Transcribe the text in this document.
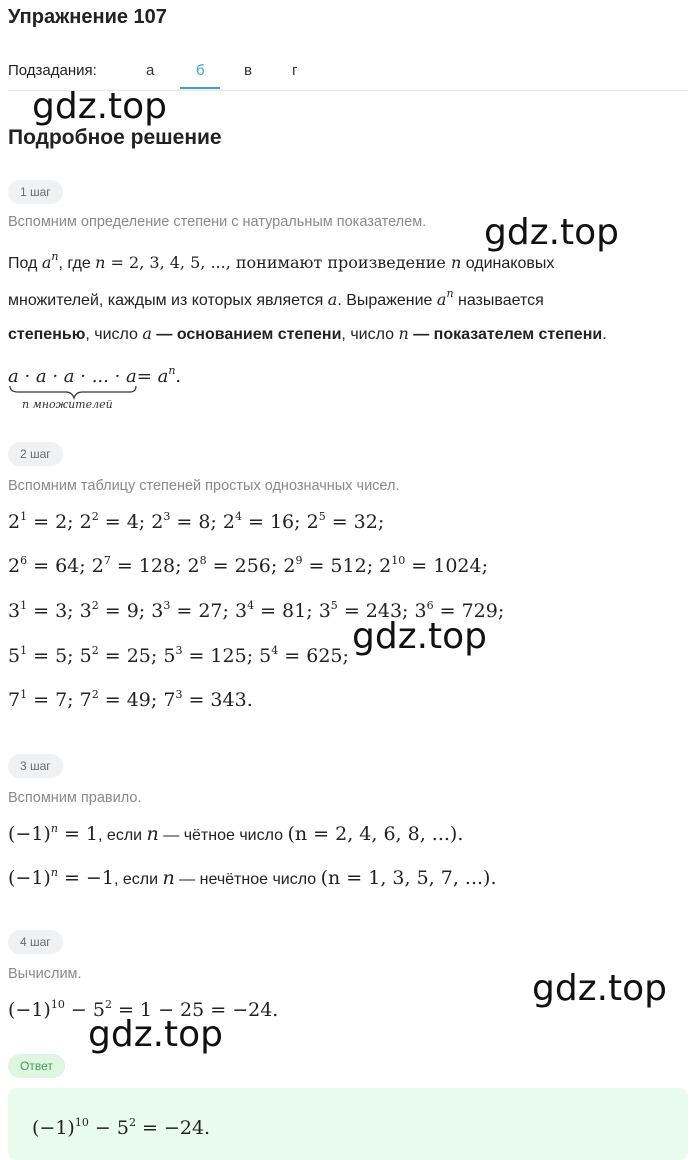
Упражнение 107
Подзадания:	а	б	в	г
Подробное решение
1 шаг
Вспомним определение степени с натуральным показателем.
Под $a^n$, где n = 2, 3, 4, 5, ..., понимают произведение n одинаковых
множителей, каждым из которых является a. Выражение $a^n$ называется
степенью, число a — основанием степени, число n — показателем степени.
a · a · a · ... · $a= a^n$.
n множителей
2 шаг
Вспомним таблицу степеней простых однозначных чисел.
$2^1 = 2$; $2^2 = 4$; $2^3 = 8$; $2^4 = 16$; $2^5 = 32$;
$2^6 = 64$; $2^7 = 128$; $2^8 = 256$; $2^9 = 512$; $2^{10} = 1024$;
$3^1 = 3$; $3^2 = 9$; $3^3 = 27$; $3^4 = 81$; $3^5 = 243$; $3^6 = 729$;
$5^1 = 5$; $5^2 = 25$; $5^3 = 125$; $5^4 = 625$;
$7^1 = 7$; $7^2 = 49$; $7^3 = 343$.
3 шаг
Вспомним правило.
$(-1)^n = 1$, если n — чётное число (n = 2, 4, 6, 8, ...).
$(-1)^n = -1$, если n — нечётное число (n = 1, 3, 5, 7, ...).
4 шаг
Вычислим.
$(-1)^{10} - 5^2 = 1 - 25 = -24$.
Ответ
$(-1)^{10} - 5^2 = -24$.
gdz.top
gdz.top
gdz.top
gdz.top
gdz.top
